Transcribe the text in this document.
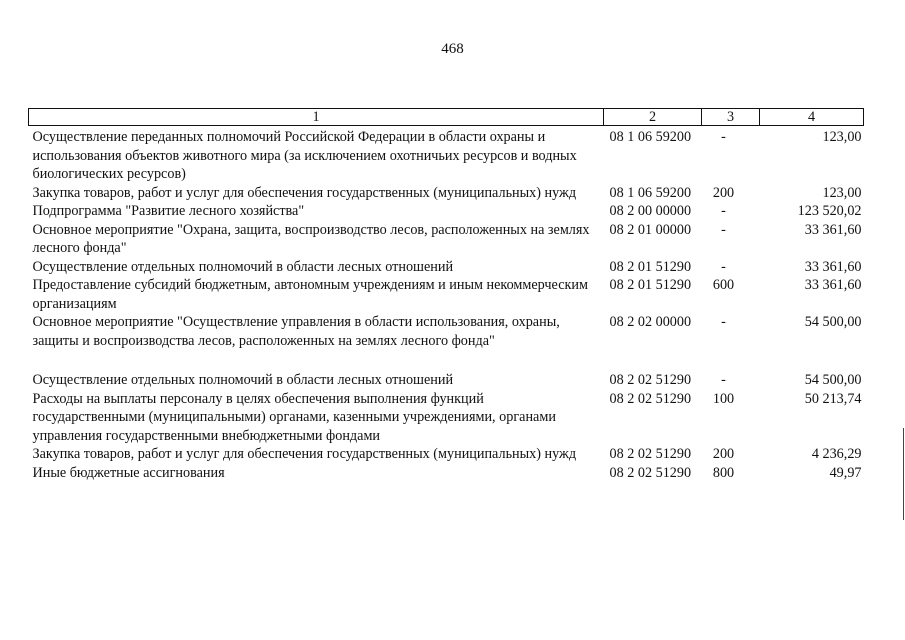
468
1	2	3	4
Осуществление переданных полномочий Российской Федерации в области охраны и использования объектов животного мира (за исключением охотничьих ресурсов и водных биологических ресурсов)	08 1 06 59200	-	123,00
Закупка товаров, работ и услуг для обеспечения государственных (муниципальных) нужд	08 1 06 59200	200	123,00
Подпрограмма "Развитие лесного хозяйства"	08 2 00 00000	-	123 520,02
Основное мероприятие "Охрана, защита, воспроизводство лесов, расположенных на землях лесного фонда"	08 2 01 00000	-	33 361,60
Осуществление отдельных полномочий в области лесных отношений	08 2 01 51290	-	33 361,60
Предоставление субсидий бюджетным, автономным учреждениям и иным некоммерческим организациям	08 2 01 51290	600	33 361,60
Основное мероприятие "Осуществление управления в области использования, охраны, защиты и воспроизводства лесов, расположенных на землях лесного фонда"	08 2 02 00000	-	54 500,00
Осуществление отдельных полномочий в области лесных отношений	08 2 02 51290	-	54 500,00
Расходы на выплаты персоналу в целях обеспечения выполнения функций государственными (муниципальными) органами, казенными учреждениями, органами управления государственными внебюджетными фондами	08 2 02 51290	100	50 213,74
Закупка товаров, работ и услуг для обеспечения государственных (муниципальных) нужд	08 2 02 51290	200	4 236,29
Иные бюджетные ассигнования	08 2 02 51290	800	49,97
